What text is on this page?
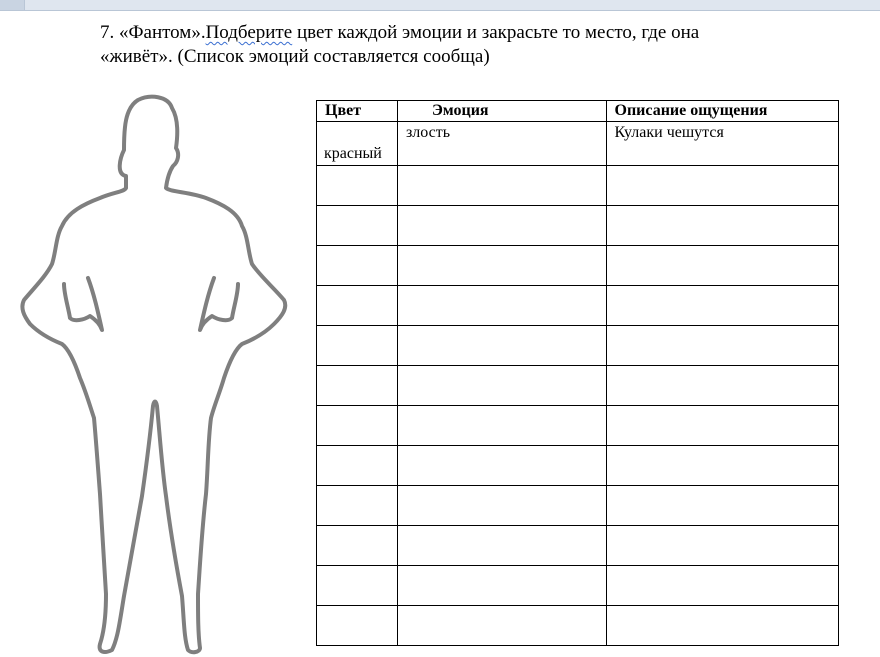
7. «Фантом».Подберите цвет каждой эмоции и закрасьте то место, где она
«живёт». (Список эмоций составляется сообща)
Цвет	Эмоция	Описание ощущения
красный	злость	Кулаки чешутся
